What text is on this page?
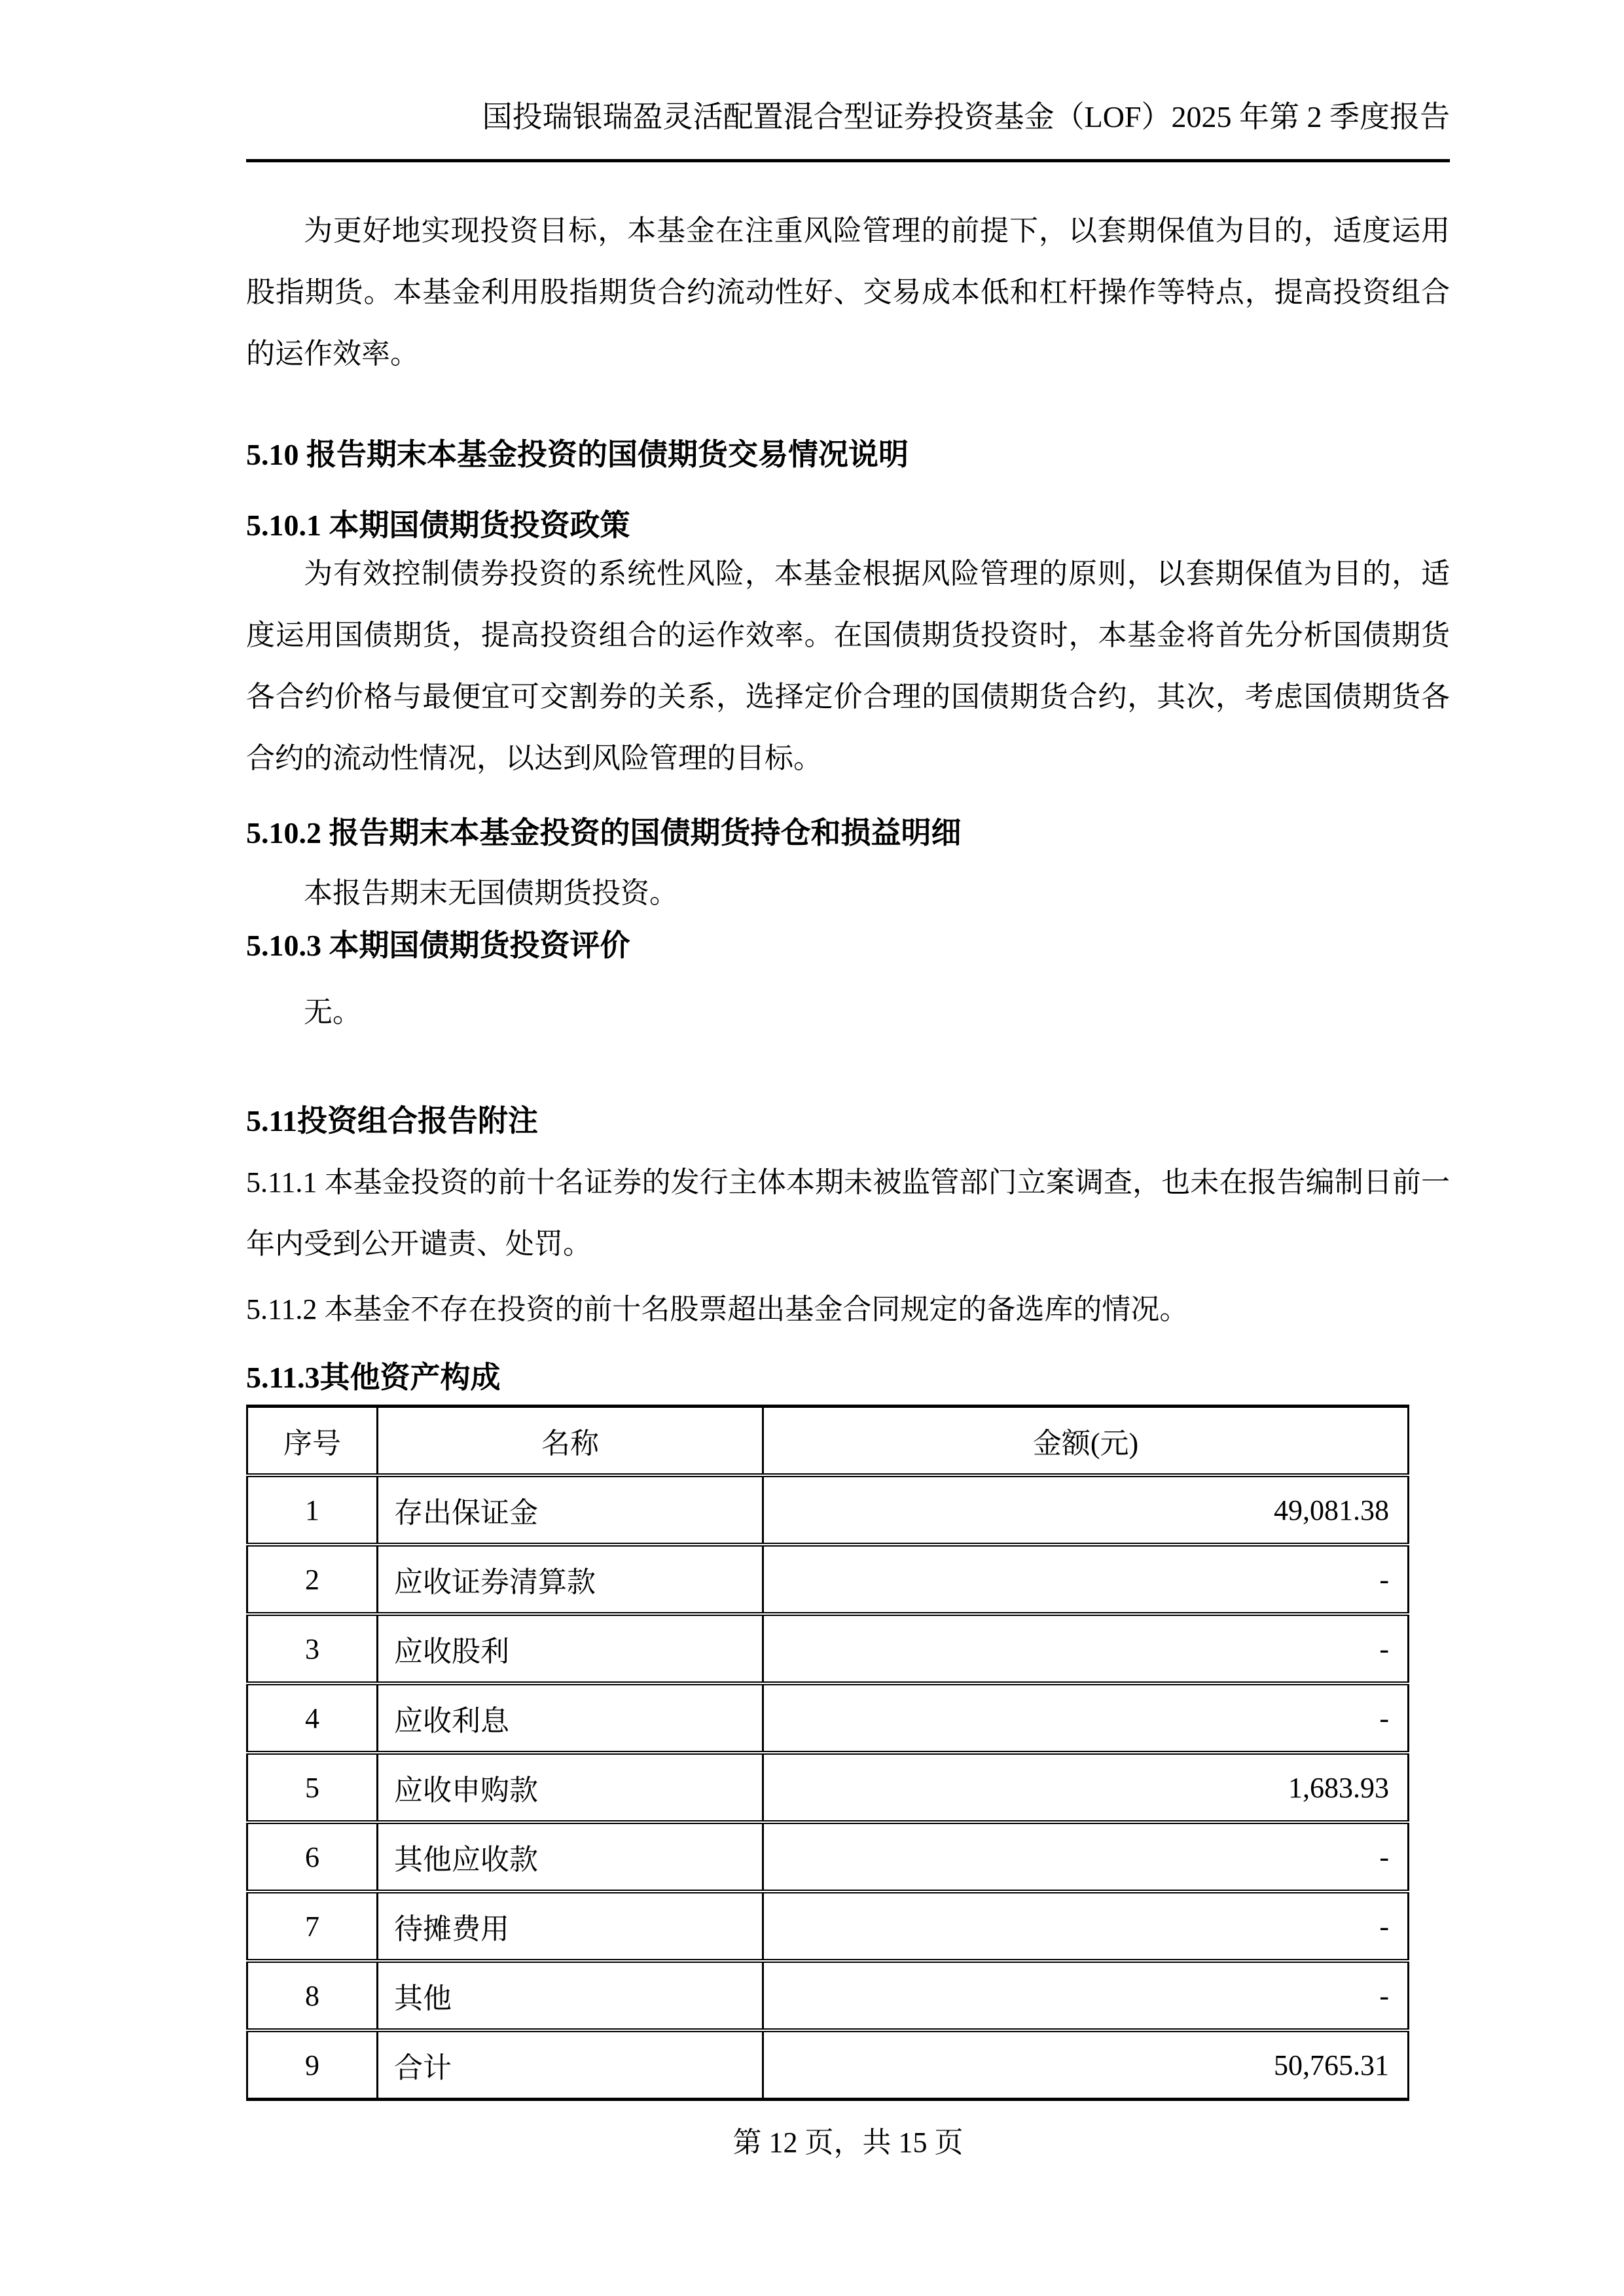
国投瑞银瑞盈灵活配置混合型证券投资基金（LOF）2025 年第 2 季度报告

为更好地实现投资目标，本基金在注重风险管理的前提下，以套期保值为目的，适度运用股指期货。本基金利用股指期货合约流动性好、交易成本低和杠杆操作等特点，提高投资组合的运作效率。

5.10 报告期末本基金投资的国债期货交易情况说明
5.10.1 本期国债期货投资政策

为有效控制债券投资的系统性风险，本基金根据风险管理的原则，以套期保值为目的，适度运用国债期货，提高投资组合的运作效率。在国债期货投资时，本基金将首先分析国债期货各合约价格与最便宜可交割券的关系，选择定价合理的国债期货合约，其次，考虑国债期货各合约的流动性情况，以达到风险管理的目标。

5.10.2 报告期末本基金投资的国债期货持仓和损益明细

本报告期末无国债期货投资。

5.10.3 本期国债期货投资评价

无。

5.11投资组合报告附注

5.11.1 本基金投资的前十名证券的发行主体本期未被监管部门立案调查，也未在报告编制日前一年内受到公开谴责、处罚。

5.11.2 本基金不存在投资的前十名股票超出基金合同规定的备选库的情况。

5.11.3其他资产构成
序号	名称	金额(元)
1	存出保证金	49,081.38
2	应收证券清算款	-
3	应收股利	-
4	应收利息	-
5	应收申购款	1,683.93
6	其他应收款	-
7	待摊费用	-
8	其他	-
9	合计	50,765.31
第 12 页，共 15 页
